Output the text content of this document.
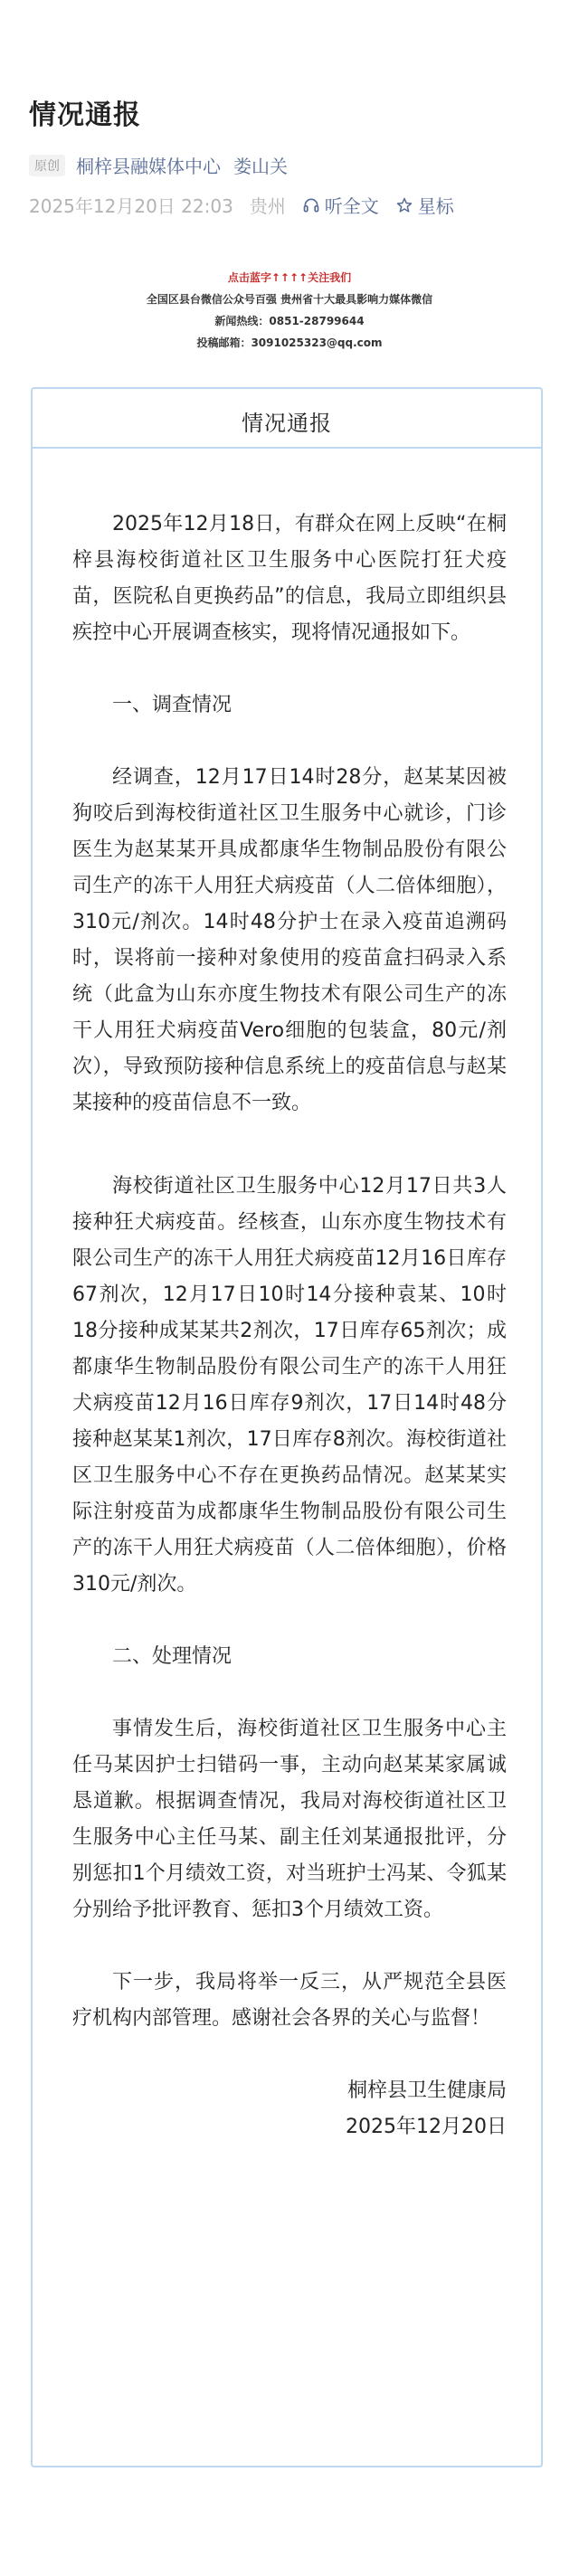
情况通报
原创 桐梓县融媒体中心 娄山关
2025年12月20日 22:03 贵州 听全文 星标
点击蓝字↑↑↑↑关注我们
全国区县台微信公众号百强 贵州省十大最具影响力媒体微信
新闻热线：0851-28799644
投稿邮箱：3091025323@qq.com
情况通报

2025年12月18日，有群众在网上反映“在桐梓县海校街道社区卫生服务中心医院打狂犬疫苗，医院私自更换药品”的信息，我局立即组织县疾控中心开展调查核实，现将情况通报如下。

一、调查情况

经调查，12月17日14时28分，赵某某因被狗咬后到海校街道社区卫生服务中心就诊，门诊医生为赵某某开具成都康华生物制品股份有限公司生产的冻干人用狂犬病疫苗（人二倍体细胞），310元/剂次。14时48分护士在录入疫苗追溯码时，误将前一接种对象使用的疫苗盒扫码录入系统（此盒为山东亦度生物技术有限公司生产的冻干人用狂犬病疫苗Vero细胞的包装盒，80元/剂次），导致预防接种信息系统上的疫苗信息与赵某某接种的疫苗信息不一致。

海校街道社区卫生服务中心12月17日共3人接种狂犬病疫苗。经核查，山东亦度生物技术有限公司生产的冻干人用狂犬病疫苗12月16日库存67剂次，12月17日10时14分接种袁某、10时18分接种成某某共2剂次，17日库存65剂次；成都康华生物制品股份有限公司生产的冻干人用狂犬病疫苗12月16日库存9剂次，17日14时48分接种赵某某1剂次，17日库存8剂次。海校街道社区卫生服务中心不存在更换药品情况。赵某某实际注射疫苗为成都康华生物制品股份有限公司生产的冻干人用狂犬病疫苗（人二倍体细胞），价格310元/剂次。

二、处理情况

事情发生后，海校街道社区卫生服务中心主任马某因护士扫错码一事，主动向赵某某家属诚恳道歉。根据调查情况，我局对海校街道社区卫生服务中心主任马某、副主任刘某通报批评，分别惩扣1个月绩效工资，对当班护士冯某、令狐某分别给予批评教育、惩扣3个月绩效工资。

下一步，我局将举一反三，从严规范全县医疗机构内部管理。感谢社会各界的关心与监督！

桐梓县卫生健康局

2025年12月20日
